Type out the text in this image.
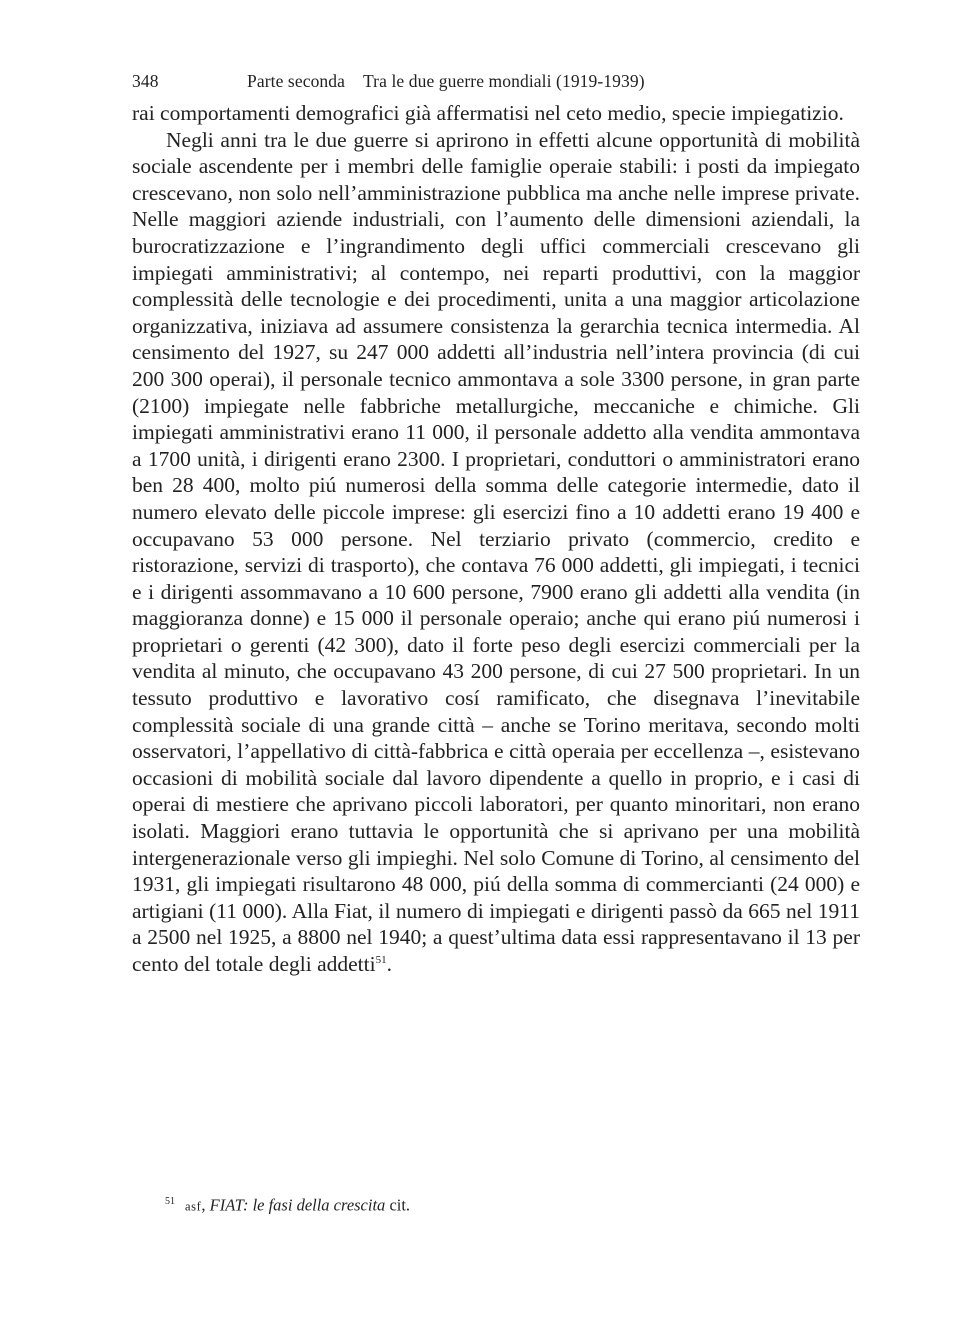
348	Parte seconda Tra le due guerre mondiali (1919-1939)

rai comportamenti demografici già affermatisi nel ceto medio, specie impiegatizio.

Negli anni tra le due guerre si aprirono in effetti alcune opportunità di mobilità sociale ascendente per i membri delle famiglie operaie stabili: i posti da impiegato crescevano, non solo nell’amministrazione pubblica ma anche nelle imprese private. Nelle maggiori aziende industriali, con l’aumento delle dimensioni aziendali, la burocratizzazione e l’ingrandimento degli uffici commerciali crescevano gli impiegati amministrativi; al contempo, nei reparti produttivi, con la maggior complessità delle tecnologie e dei procedimenti, unita a una maggior articolazione organizzativa, iniziava ad assumere consistenza la gerarchia tecnica intermedia. Al censimento del 1927, su 247 000 addetti all’industria nell’intera provincia (di cui 200 300 operai), il personale tecnico ammontava a sole 3300 persone, in gran parte (2100) impiegate nelle fabbriche metallurgiche, meccaniche e chimiche. Gli impiegati amministrativi erano 11 000, il personale addetto alla vendita ammontava a 1700 unità, i dirigenti erano 2300. I proprietari, conduttori o amministratori erano ben 28 400, molto piú numerosi della somma delle categorie intermedie, dato il numero elevato delle piccole imprese: gli esercizi fino a 10 addetti erano 19 400 e occupavano 53 000 persone. Nel terziario privato (commercio, credito e ristorazione, servizi di trasporto), che contava 76 000 addetti, gli impiegati, i tecnici e i dirigenti assommavano a 10 600 persone, 7900 erano gli addetti alla vendita (in maggioranza donne) e 15 000 il personale operaio; anche qui erano piú numerosi i proprietari o gerenti (42 300), dato il forte peso degli esercizi commerciali per la vendita al minuto, che occupavano 43 200 persone, di cui 27 500 proprietari. In un tessuto produttivo e lavorativo cosí ramificato, che disegnava l’inevitabile complessità sociale di una grande città – anche se Torino meritava, secondo molti osservatori, l’appellativo di città-fabbrica e città operaia per eccellenza –, esistevano occasioni di mobilità sociale dal lavoro dipendente a quello in proprio, e i casi di operai di mestiere che aprivano piccoli laboratori, per quanto minoritari, non erano isolati. Maggiori erano tuttavia le opportunità che si aprivano per una mobilità intergenerazionale verso gli impieghi. Nel solo Comune di Torino, al censimento del 1931, gli impiegati risultarono 48 000, piú della somma di commercianti (24 000) e artigiani (11 000). Alla Fiat, il numero di impiegati e dirigenti passò da 665 nel 1911 a 2500 nel 1925, a 8800 nel 1940; a quest’ultima data essi rappresentavano il 13 per cento del totale degli addetti$^{51}$.

$^{51}$ asf, FIAT: le fasi della crescita cit.
